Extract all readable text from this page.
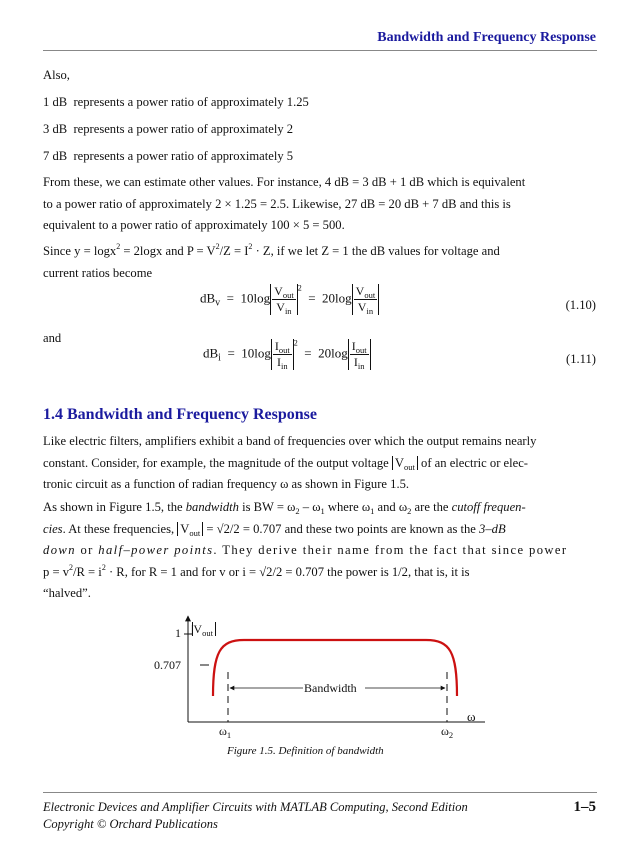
Bandwidth and Frequency Response
Also,
1 dB represents a power ratio of approximately 1.25
3 dB represents a power ratio of approximately 2
7 dB represents a power ratio of approximately 5
From these, we can estimate other values. For instance, 4 dB = 3 dB + 1 dB which is equivalent
to a power ratio of approximately 2 × 1.25 = 2.5. Likewise, 27 dB = 20 dB + 7 dB and this is
equivalent to a power ratio of approximately 100 × 5 = 500.
Since y = logx$^2$ = 2logx and $P = V^2/Z = I^2 \cdot Z$, if we let Z = 1 the dB values for voltage and
current ratios become
$dB_v = 10\log \frac{V_{out}}{V_{in}} ^2 = 20\log \frac{V_{out}}{V_{in}}$	(1.10)
and
$dB_i = 10\log \frac{I_{out}}{I_{in}} ^2 = 20\log \frac{I_{out}}{I_{in}}$	(1.11)
1.4 Bandwidth and Frequency Response
Like electric filters, amplifiers exhibit a band of frequencies over which the output remains nearly
constant. Consider, for example, the magnitude of the output voltage $V_{out}$ of an electric or elec-
tronic circuit as a function of radian frequency ω as shown in Figure 1.5.
As shown in Figure 1.5, the bandwidth is BW = $\omega_2 - \omega_1$ where $\omega_1$ and $\omega_2$ are the cutoff frequen-
cies. At these frequencies, $V_{out} = √2/2 = 0.707$ and these two points are known as the 3–dB
down or half–power points. They derive their name from the fact that since power
$p = v^2/R = i^2 \cdot R$, for R = 1 and for v or i = √2/2 = 0.707 the power is 1/2, that is, it is
“halved”.
1 $|V_{out}$
0.707
Bandwidth
ω
$\omega_1$	$\omega_2$
Figure 1.5. Definition of bandwidth
Electronic Devices and Amplifier Circuits with MATLAB Computing, Second Edition
Copyright © Orchard Publications
1–5
